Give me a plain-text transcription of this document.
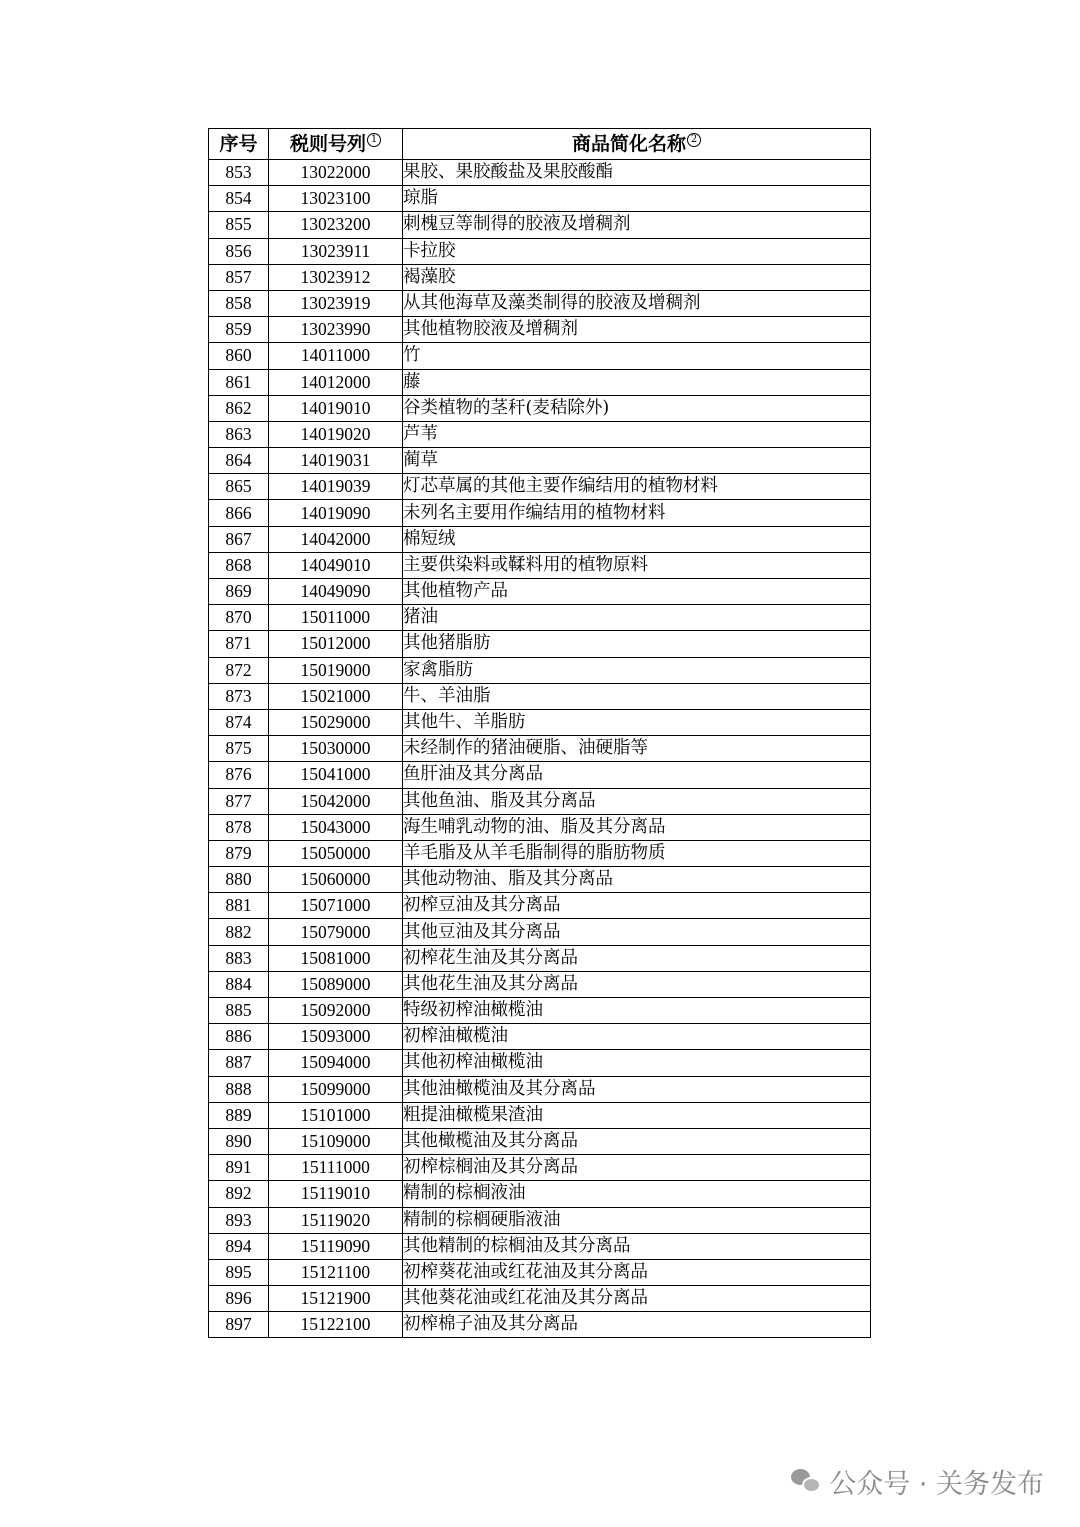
序号	税则号列 $^1$	商品简化名称 $^2$
853	13022000	果胶、果胶酸盐及果胶酸酯
854	13023100	琼脂
855	13023200	刺槐豆等制得的胶液及增稠剂
856	13023911	卡拉胶
857	13023912	褐藻胶
858	13023919	从其他海草及藻类制得的胶液及增稠剂
859	13023990	其他植物胶液及增稠剂
860	14011000	竹
861	14012000	藤
862	14019010	谷类植物的茎秆(麦秸除外)
863	14019020	芦苇
864	14019031	蔺草
865	14019039	灯芯草属的其他主要作编结用的植物材料
866	14019090	未列名主要用作编结用的植物材料
867	14042000	棉短绒
868	14049010	主要供染料或鞣料用的植物原料
869	14049090	其他植物产品
870	15011000	猪油
871	15012000	其他猪脂肪
872	15019000	家禽脂肪
873	15021000	牛、羊油脂
874	15029000	其他牛、羊脂肪
875	15030000	未经制作的猪油硬脂、油硬脂等
876	15041000	鱼肝油及其分离品
877	15042000	其他鱼油、脂及其分离品
878	15043000	海生哺乳动物的油、脂及其分离品
879	15050000	羊毛脂及从羊毛脂制得的脂肪物质
880	15060000	其他动物油、脂及其分离品
881	15071000	初榨豆油及其分离品
882	15079000	其他豆油及其分离品
883	15081000	初榨花生油及其分离品
884	15089000	其他花生油及其分离品
885	15092000	特级初榨油橄榄油
886	15093000	初榨油橄榄油
887	15094000	其他初榨油橄榄油
888	15099000	其他油橄榄油及其分离品
889	15101000	粗提油橄榄果渣油
890	15109000	其他橄榄油及其分离品
891	15111000	初榨棕榈油及其分离品
892	15119010	精制的棕榈液油
893	15119020	精制的棕榈硬脂液油
894	15119090	其他精制的棕榈油及其分离品
895	15121100	初榨葵花油或红花油及其分离品
896	15121900	其他葵花油或红花油及其分离品
897	15122100	初榨棉子油及其分离品
公众号 · 关务发布
